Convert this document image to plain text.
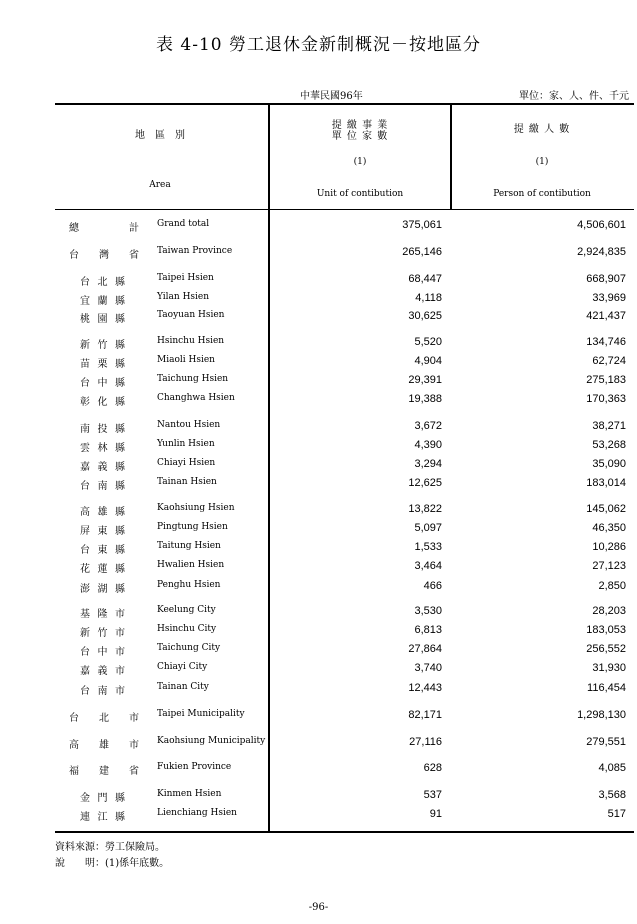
表 4-10 勞工退休金新制概況－按地區分
中華民國96年	單位：家、人、件、千元
地　區　別
Area
提 繳 事 業
單 位 家 數
(1)
Unit of contibution
提 繳 人 數
(1)
Person of contibution
總　　計 Grand total	375,061	4,506,601
台灣省 Taiwan Province	265,146	2,924,835
台北縣	Taipei Hsien	68,447	668,907
宜蘭縣	Yilan Hsien	4,118	33,969
桃園縣	Taoyuan Hsien	30,625	421,437
新竹縣	Hsinchu Hsien	5,520	134,746
苗栗縣	Miaoli Hsien	4,904	62,724
台中縣	Taichung Hsien	29,391	275,183
彰化縣	Changhwa Hsien	19,388	170,363
南投縣	Nantou Hsien	3,672	38,271
雲林縣	Yunlin Hsien	4,390	53,268
嘉義縣	Chiayi Hsien	3,294	35,090
台南縣	Tainan Hsien	12,625	183,014
高雄縣	Kaohsiung Hsien	13,822	145,062
屏東縣	Pingtung Hsien	5,097	46,350
台東縣	Taitung Hsien	1,533	10,286
花蓮縣	Hwalien Hsien	3,464	27,123
澎湖縣	Penghu Hsien	466	2,850
基隆市	Keelung City	3,530	28,203
新竹市	Hsinchu City	6,813	183,053
台中市	Taichung City	27,864	256,552
嘉義市	Chiayi City	3,740	31,930
台南市	Tainan City	12,443	116,454
台北市 Taipei Municipality	82,171	1,298,130
高雄市 Kaohsiung Municipality	27,116	279,551
福建省 Fukien Province	628	4,085
金門縣	Kinmen Hsien	537	3,568
連江縣	Lienchiang Hsien	91	517
資料來源：勞工保險局。
說　　明：(1)係年底數。
-96-
